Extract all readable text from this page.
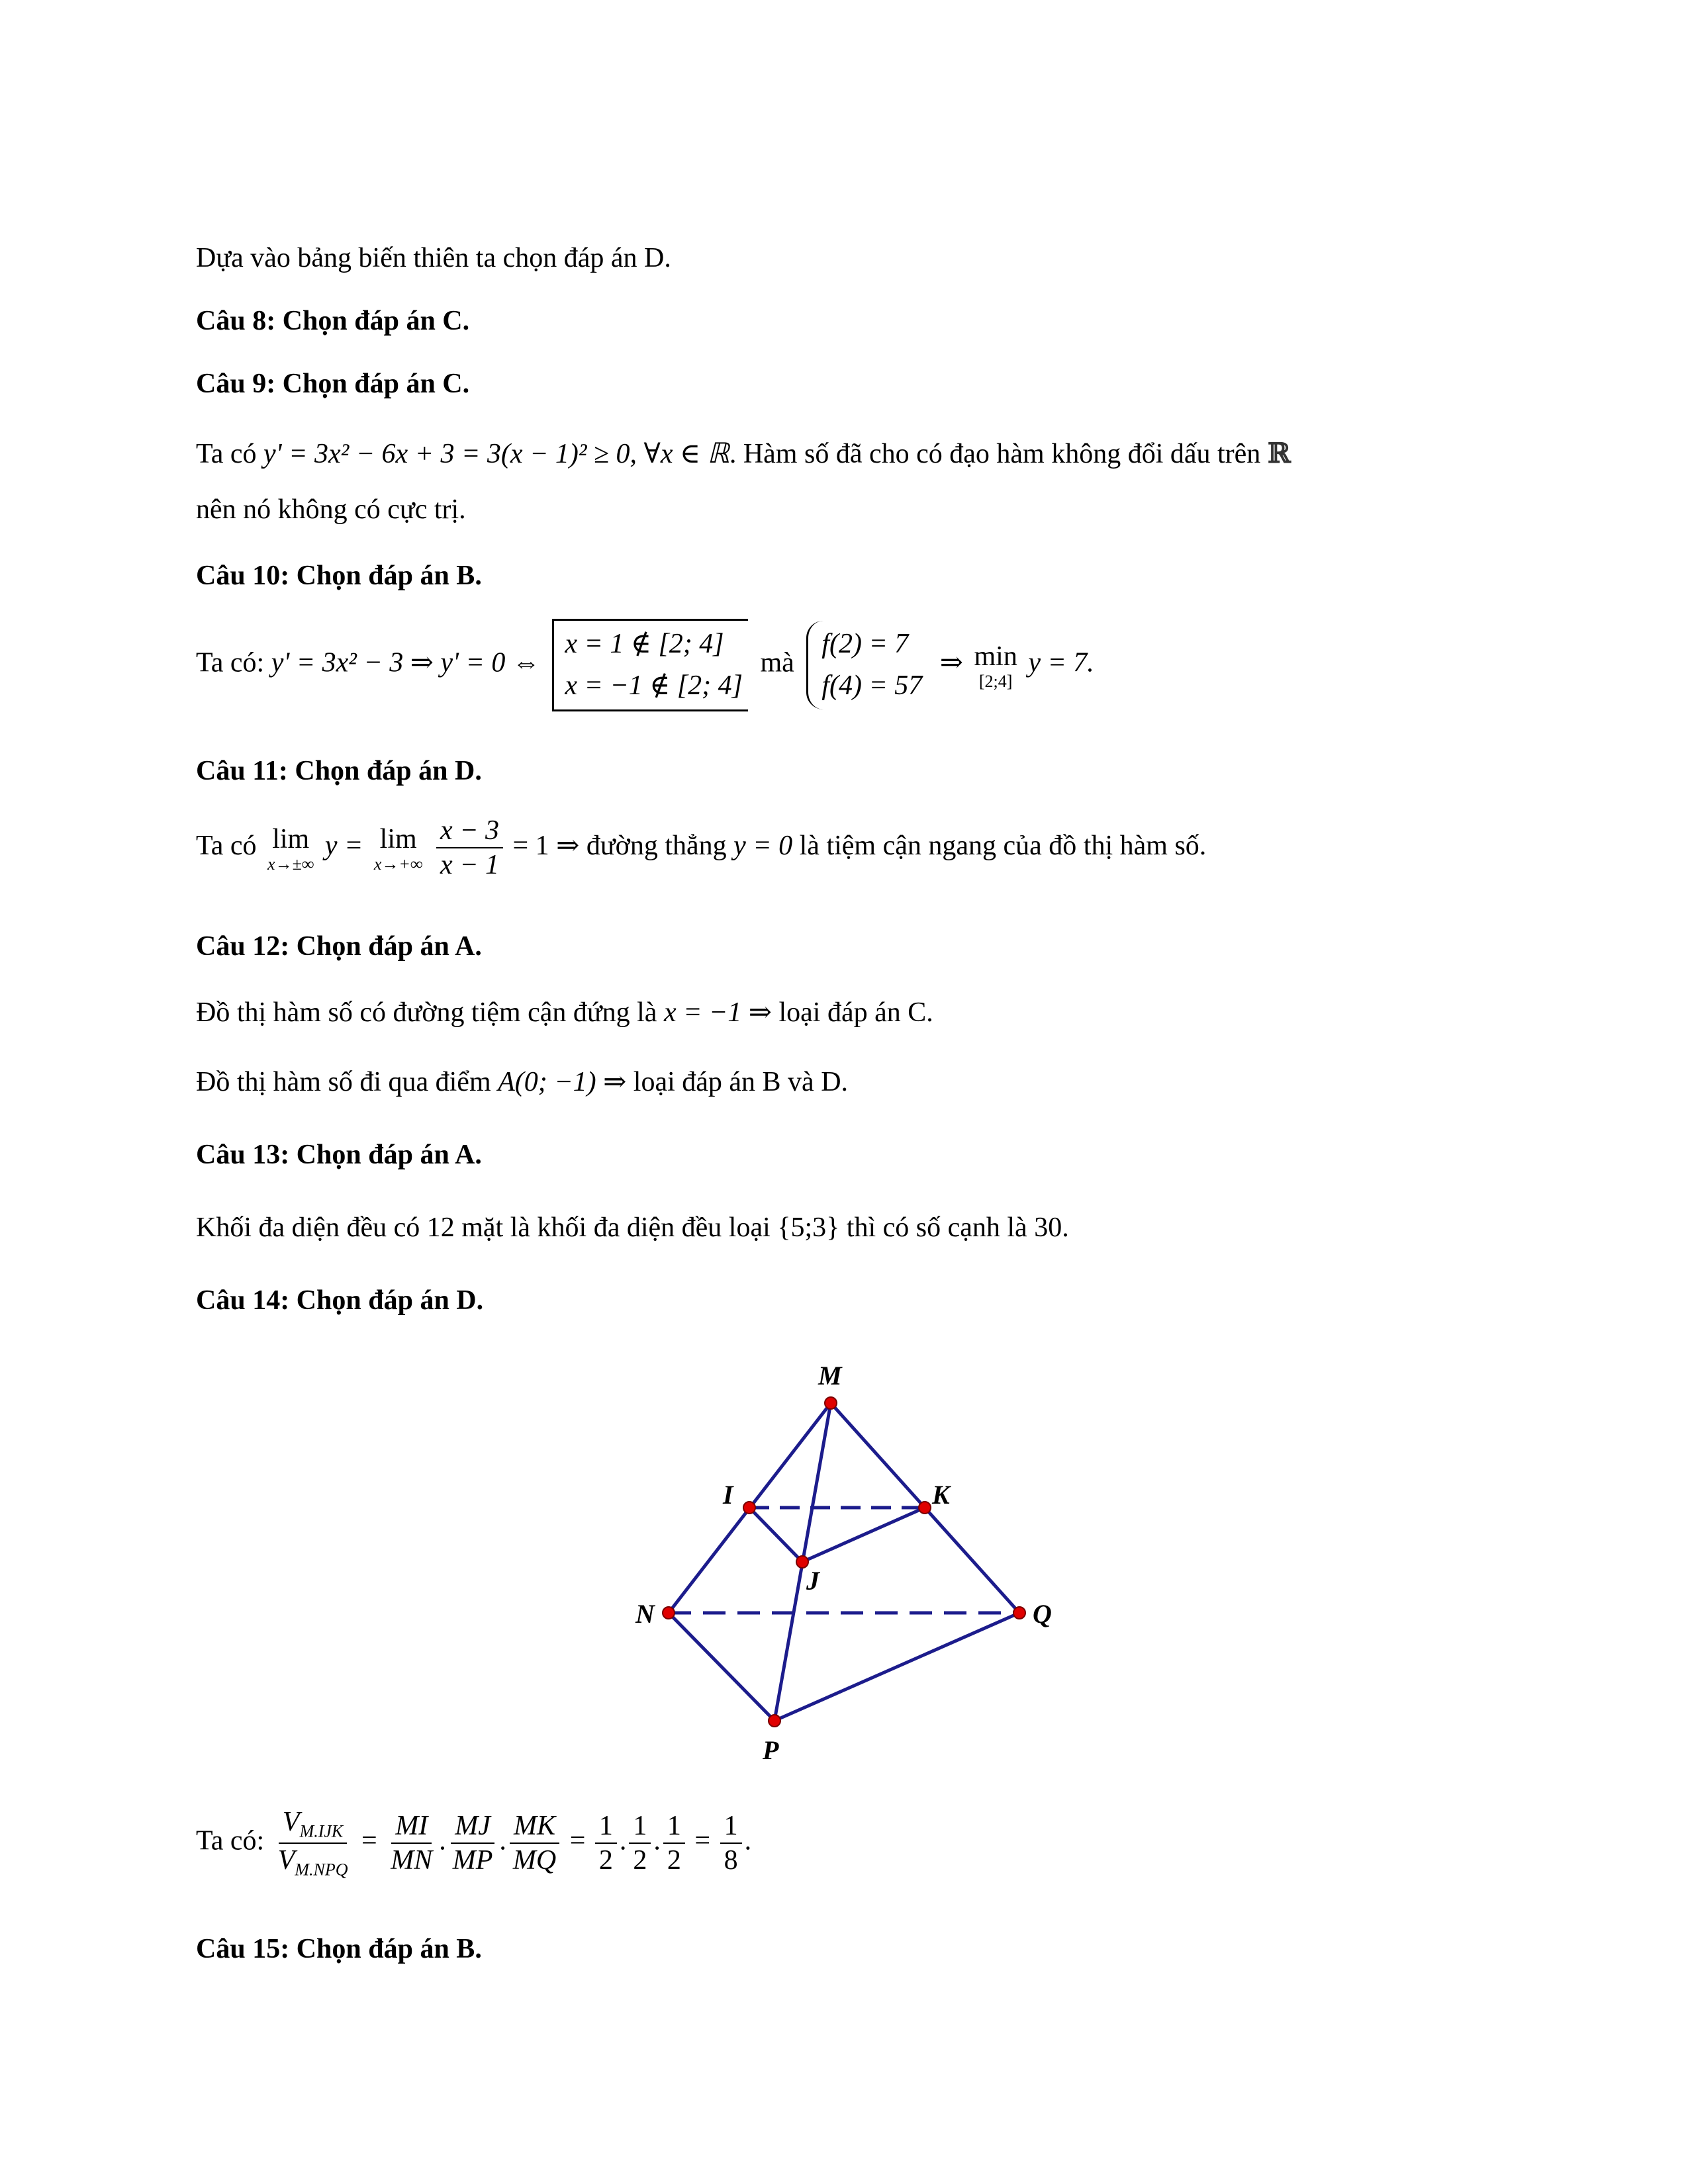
Dựa vào bảng biến thiên ta chọn đáp án D.
Câu 8: Chọn đáp án C.
Câu 9: Chọn đáp án C.
Ta có y' = 3x² − 6x + 3 = 3(x − 1)² ≥ 0, ∀x ∈ ℝ. Hàm số đã cho có đạo hàm không đổi dấu trên ℝ
nên nó không có cực trị.
Câu 10: Chọn đáp án B.
Ta có: y' = 3x² − 3 ⇒ y' = 0 ⇔
x = 1 ∉ [2; 4]
x = −1 ∉ [2; 4]
mà
f(2) = 7
f(4) = 57
⇒ min
[2;4]
y = 7.
Câu 11: Chọn đáp án D.
Ta có lim
x→±∞
y = lim
x→+∞
$\frac{x - 3}{x - 1} = 1$ ⇒ đường thẳng y = 0 là tiệm cận ngang của đồ thị hàm số.
Câu 12: Chọn đáp án A.
Đồ thị hàm số có đường tiệm cận đứng là x = −1 ⇒ loại đáp án C.
Đồ thị hàm số đi qua điểm A(0; −1) ⇒ loại đáp án B và D.
Câu 13: Chọn đáp án A.
Khối đa diện đều có 12 mặt là khối đa diện đều loại {5;3} thì có số cạnh là 30.
Câu 14: Chọn đáp án D.
M
I	K
J
N	Q
P
Ta có: $\frac{V_{M.IJK}}{V_{M.NPQ}} = \frac{MI}{MN}$ . $\frac{MJ}{MP}$ . $\frac{MK}{MQ} = \frac{1}{2}$ . $\frac{1}{2}$ . $\frac{1}{2} = \frac{1}{8}$ .
Câu 15: Chọn đáp án B.
